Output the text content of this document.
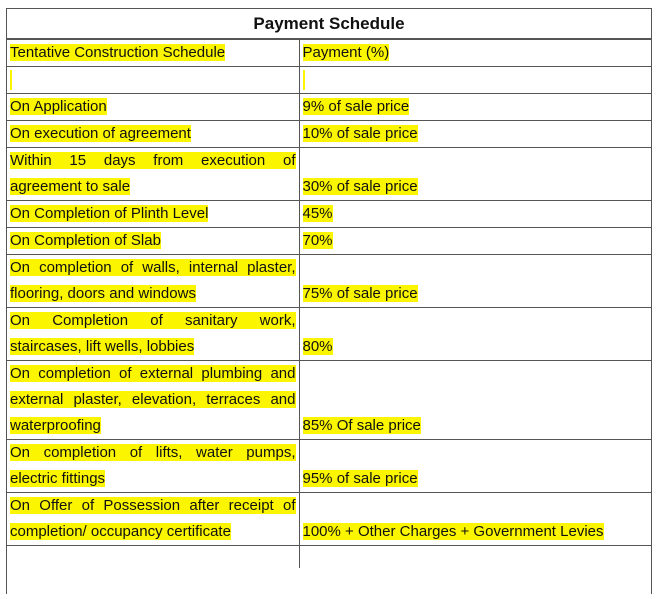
Payment Schedule
Tentative Construction Schedule	Payment (%)

On Application	9% of sale price
On execution of agreement	10% of sale price
Within 15 days from execution of agreement to sale	30% of sale price
On Completion of Plinth Level	45%
On Completion of Slab	70%
On completion of walls, internal plaster, flooring, doors and windows	75% of sale price
On Completion of sanitary work, staircases, lift wells, lobbies	80%
On completion of external plumbing and external plaster, elevation, terraces and waterproofing	85% Of sale price
On completion of lifts, water pumps, electric fittings	95% of sale price
On Offer of Possession after receipt of completion/ occupancy certificate	100% + Other Charges + Government Levies
